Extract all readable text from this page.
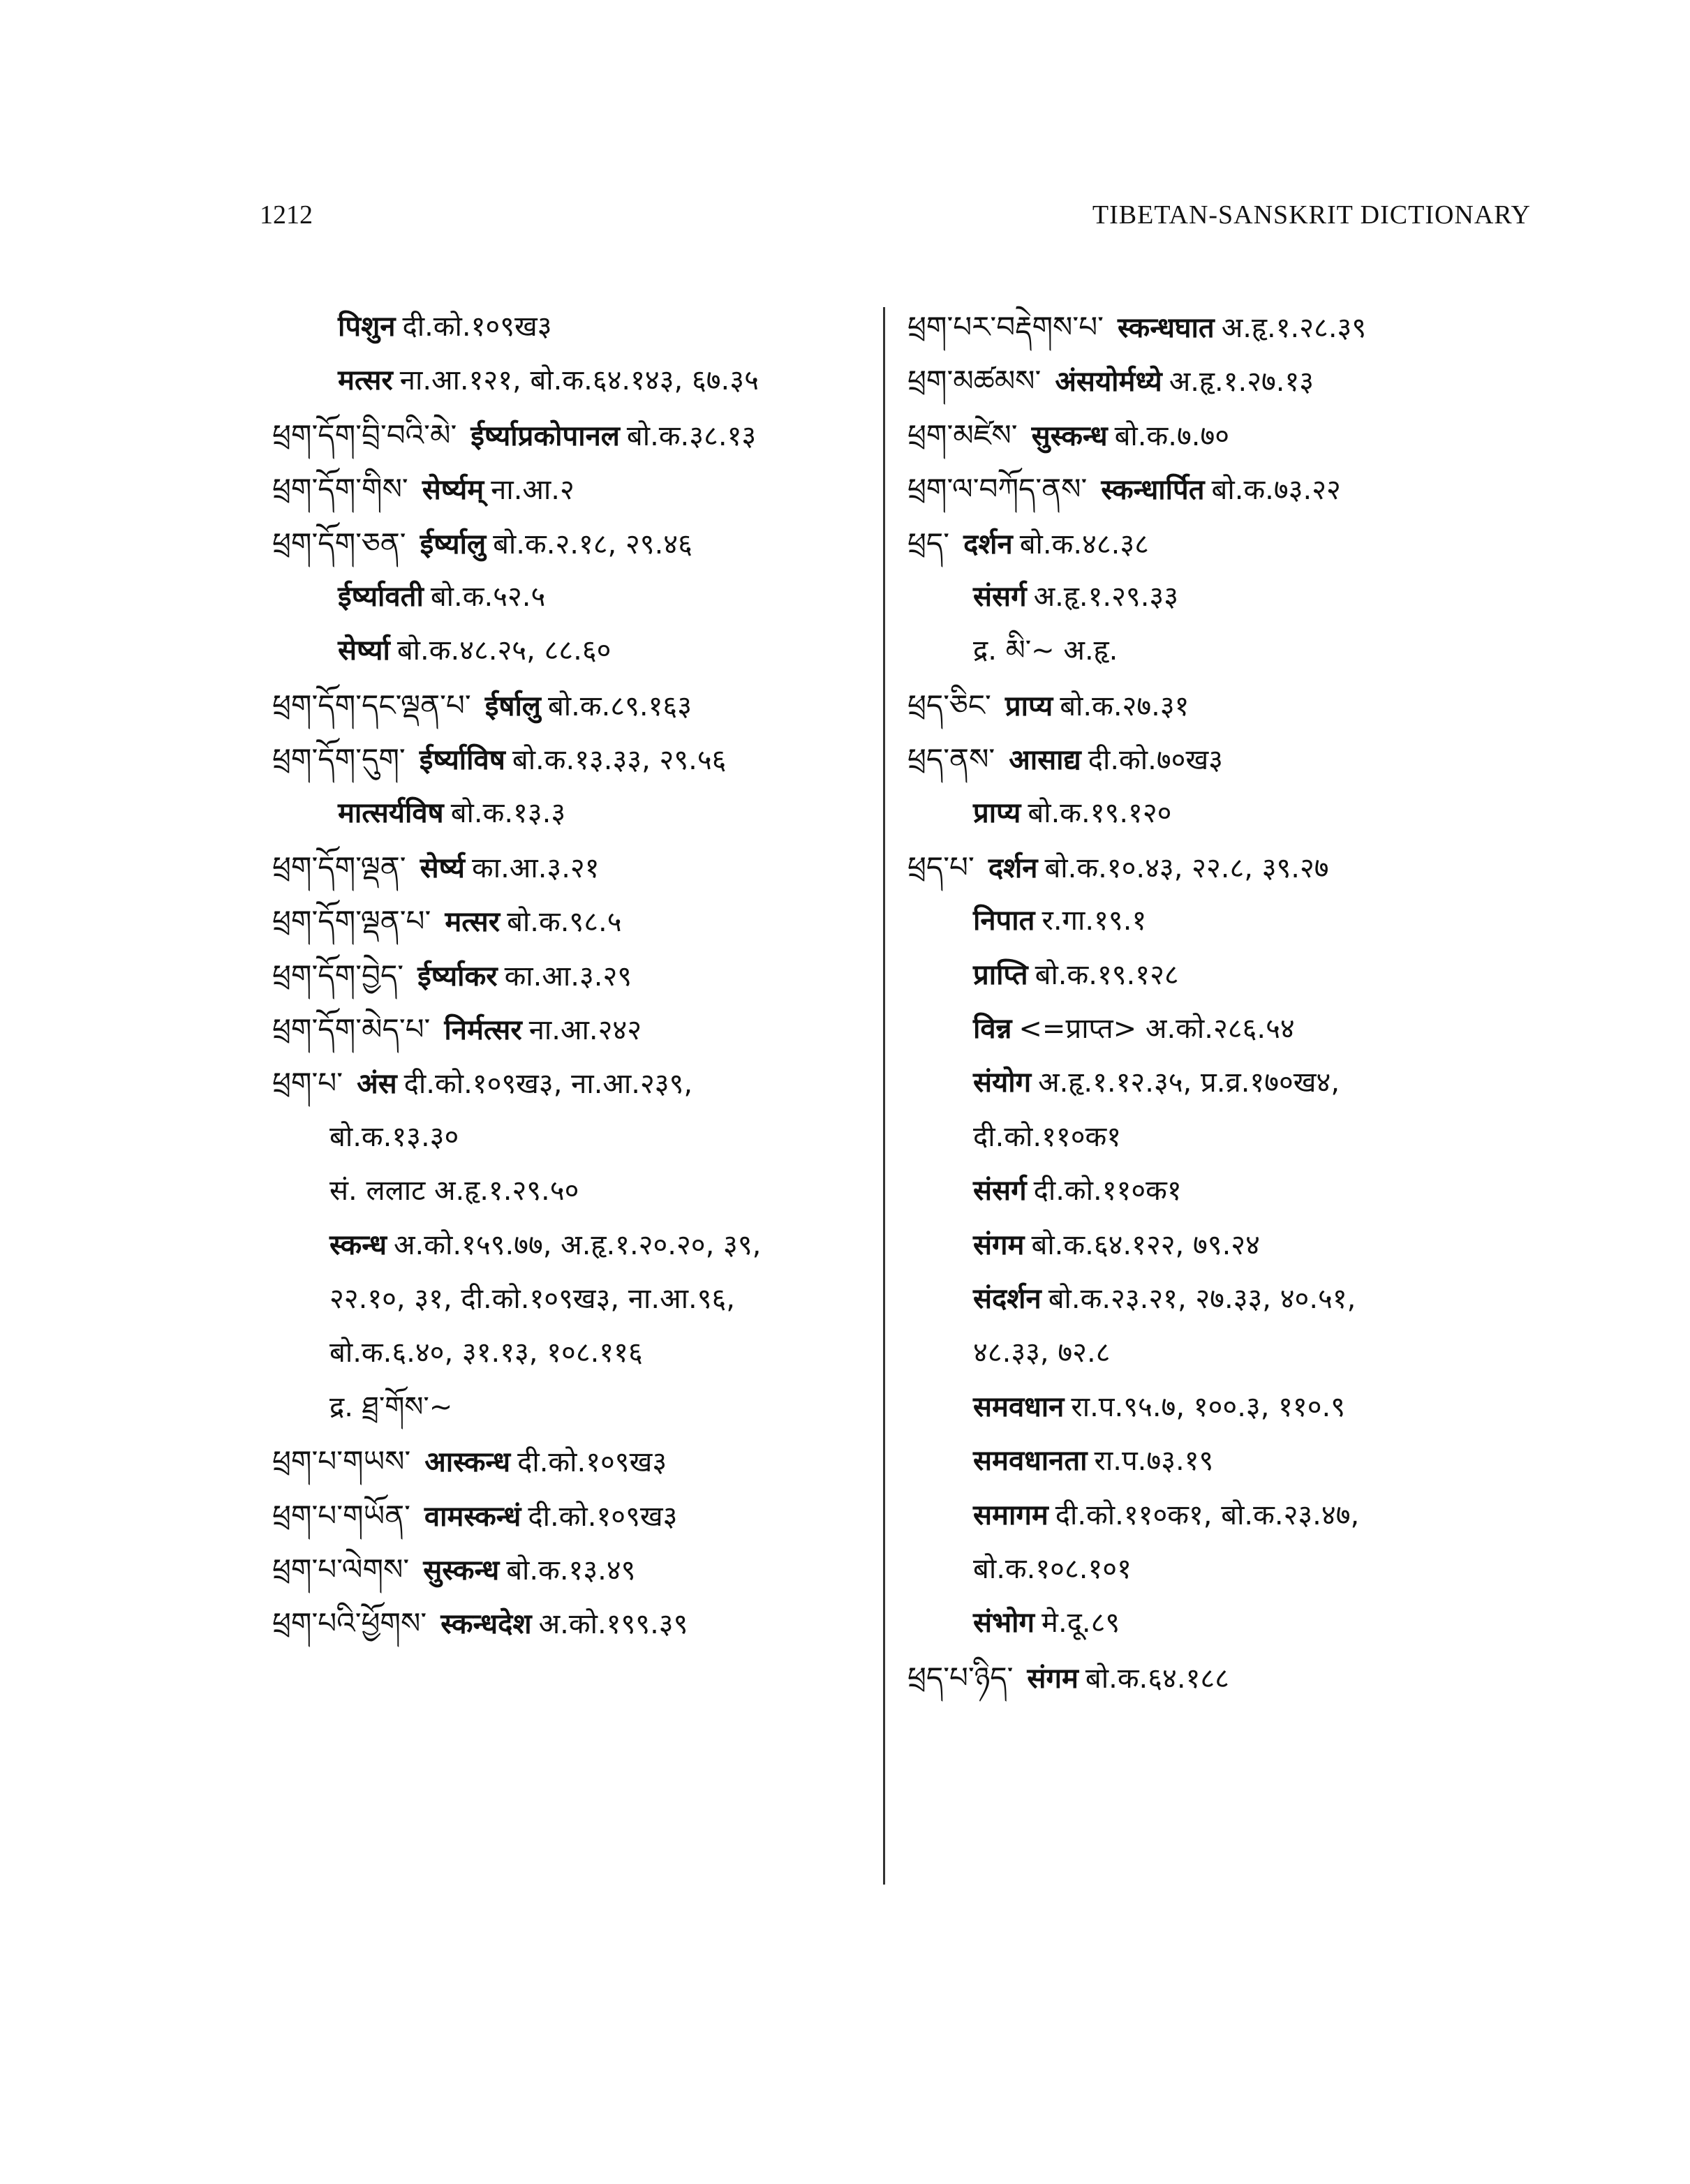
1212	TIBETAN-SANSKRIT DICTIONARY
पिशुन दी.को.१०९ख३
मत्सर ना.आ.१२१, बो.क.६४.१४३, ६७.३५
ཕྲག་དོག་བྲི་བའི་མེ་ ईर्ष्याप्रकोपानल बो.क.३८.१३
ཕྲག་དོག་གིས་ सेर्ष्यम् ना.आ.२
ཕྲག་དོག་ཅན་ ईर्ष्यालु बो.क.२.१८, २९.४६
ईर्ष्यावती बो.क.५२.५
सेर्ष्या बो.क.४८.२५, ८८.६०
ཕྲག་དོག་དང་ལྡན་པ་ ईर्षालु बो.क.८९.१६३
ཕྲག་དོག་དུག་ ईर्ष्याविष बो.क.१३.३३, २९.५६
मात्सर्यविष बो.क.१३.३
ཕྲག་དོག་ལྡན་ सेर्ष्य का.आ.३.२१
ཕྲག་དོག་ལྡན་པ་ मत्सर बो.क.९८.५
ཕྲག་དོག་བྱེད་ ईर्ष्याकर का.आ.३.२९
ཕྲག་དོག་མེད་པ་ निर्मत्सर ना.आ.२४२
ཕྲག་པ་ अंस दी.को.१०९ख३, ना.आ.२३९,
बो.क.१३.३०
सं. ललाट अ.हृ.१.२९.५०
स्कन्ध अ.को.१५९.७७, अ.हृ.१.२०.२०, ३९,
२२.१०, ३१, दी.को.१०९ख३, ना.आ.९६,
बो.क.६.४०, ३१.१३, १०८.११६
द्र. ཐྲ་གོས་~
ཕྲག་པ་གཡས་ आस्कन्ध दी.को.१०९ख३
ཕྲག་པ་གཡོན་ वामस्कन्धं दी.को.१०९ख३
ཕྲག་པ་ལེགས་ सुस्कन्ध बो.क.१३.४९
ཕྲག་པའི་ཕྱོགས་ स्कन्धदेश अ.को.१९९.३९
ཕྲག་པར་བརྡེགས་པ་ स्कन्धघात अ.हृ.१.२८.३९
ཕྲག་མཚམས་ अंसयोर्मध्ये अ.हृ.१.२७.१३
ཕྲག་མཛེས་ सुस्कन्ध बो.क.७.७०
ཕྲག་ལ་བཀོད་ནས་ स्कन्धार्पित बो.क.७३.२२
ཕྲད་ दर्शन बो.क.४८.३८
संसर्ग अ.हृ.१.२९.३३
द्र. མི་~ अ.हृ.
ཕྲད་ཅིང་ प्राप्य बो.क.२७.३१
ཕྲད་ནས་ आसाद्य दी.को.७०ख३
प्राप्य बो.क.१९.१२०
ཕྲད་པ་ दर्शन बो.क.१०.४३, २२.८, ३९.२७
निपात र.गा.१९.१
प्राप्ति बो.क.१९.१२८
विन्न <=प्राप्त> अ.को.२८६.५४
संयोग अ.हृ.१.१२.३५, प्र.व्र.१७०ख४,
दी.को.११०क१
संसर्ग दी.को.११०क१
संगम बो.क.६४.१२२, ७९.२४
संदर्शन बो.क.२३.२१, २७.३३, ४०.५१,
४८.३३, ७२.८
समवधान रा.प.९५.७, १००.३, ११०.९
समवधानता रा.प.७३.१९
समागम दी.को.११०क१, बो.क.२३.४७,
बो.क.१०८.१०१
संभोग मे.दू.८९
ཕྲད་པ་ཉིད་ संगम बो.क.६४.१८८
